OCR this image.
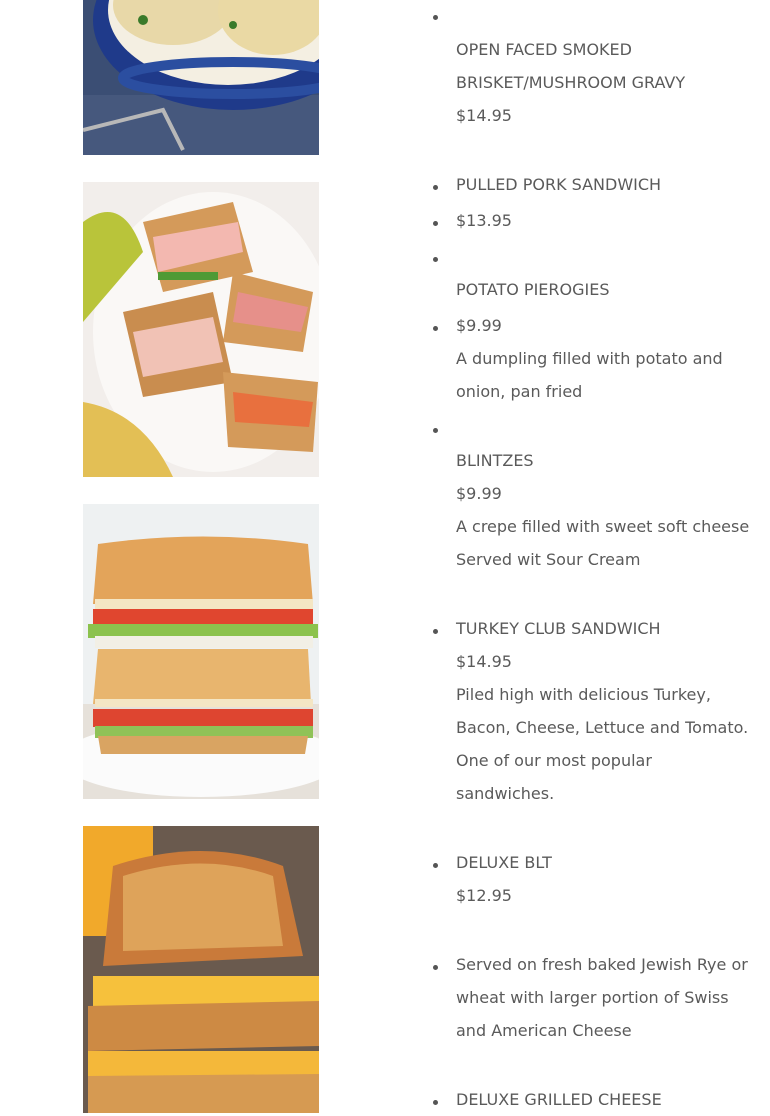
OPEN FACED SMOKED
BRISKET/MUSHROOM GRAVY
$14.95
PULLED PORK SANDWICH
$13.95
POTATO PIEROGIES
$9.99
A dumpling filled with potato and
onion, pan fried
BLINTZES
$9.99
A crepe filled with sweet soft cheese
Served wit Sour Cream
TURKEY CLUB SANDWICH
$14.95
Piled high with delicious Turkey,
Bacon, Cheese, Lettuce and Tomato.
One of our most popular
sandwiches.
DELUXE BLT
$12.95
Served on fresh baked Jewish Rye or
wheat with larger portion of Swiss
and American Cheese
DELUXE GRILLED CHEESE
